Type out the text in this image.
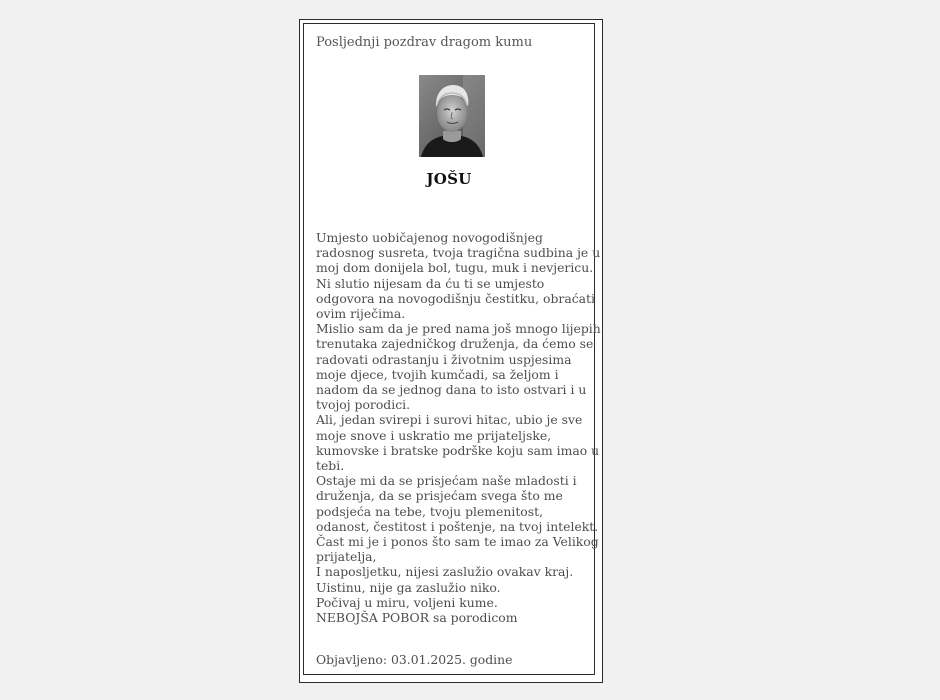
Posljednji pozdrav dragom kumu
JOŠU
Umjesto uobičajenog novogodišnjeg
radosnog susreta, tvoja tragična sudbina je u
moj dom donijela bol, tugu, muk i nevjericu.
Ni slutio nijesam da ću ti se umjesto
odgovora na novogodišnju čestitku, obraćati
ovim riječima.
Mislio sam da je pred nama još mnogo lijepih
trenutaka zajedničkog druženja, da ćemo se
radovati odrastanju i životnim uspjesima
moje djece, tvojih kumčadi, sa željom i
nadom da se jednog dana to isto ostvari i u
tvojoj porodici.
Ali, jedan svirepi i surovi hitac, ubio je sve
moje snove i uskratio me prijateljske,
kumovske i bratske podrške koju sam imao u
tebi.
Ostaje mi da se prisjećam naše mladosti i
druženja, da se prisjećam svega što me
podsjeća na tebe, tvoju plemenitost,
odanost, čestitost i poštenje, na tvoj intelekt.
Čast mi je i ponos što sam te imao za Velikog
prijatelja,
I naposljetku, nijesi zaslužio ovakav kraj.
Uistinu, nije ga zaslužio niko.
Počivaj u miru, voljeni kume.
NEBOJŠA POBOR sa porodicom
Objavljeno: 03.01.2025. godine
